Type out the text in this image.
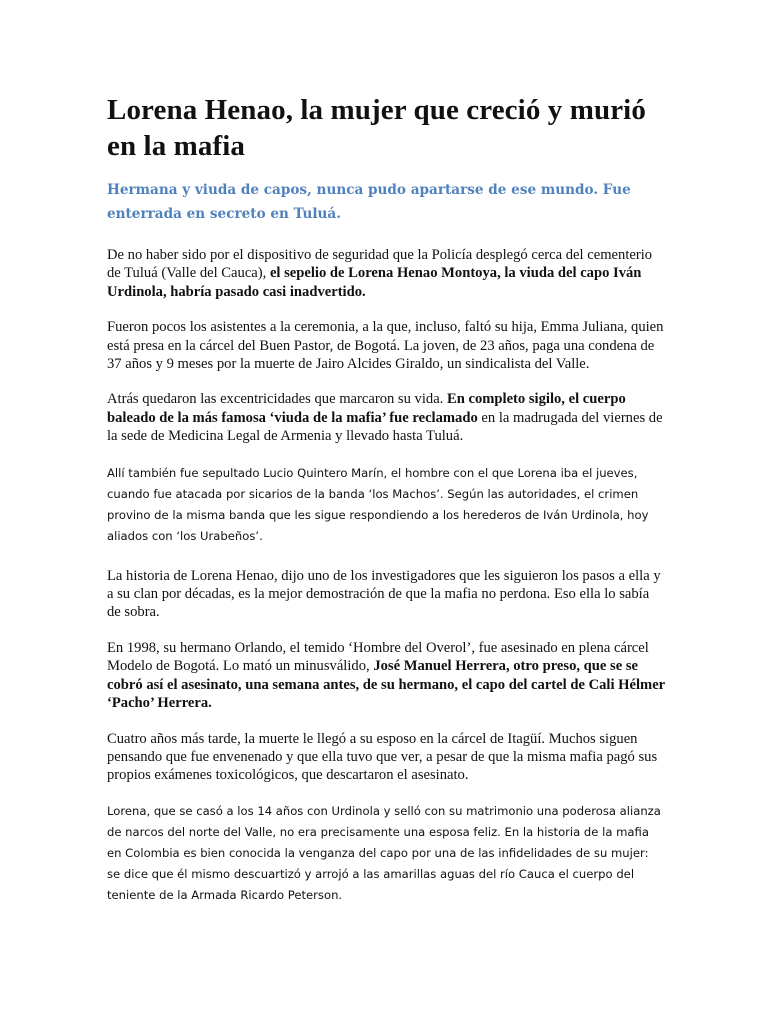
Lorena Henao, la mujer que creció y murió en la mafia
Hermana y viuda de capos, nunca pudo apartarse de ese mundo. Fue enterrada en secreto en Tuluá.

De no haber sido por el dispositivo de seguridad que la Policía desplegó cerca del cementerio de Tuluá (Valle del Cauca), el sepelio de Lorena Henao Montoya, la viuda del capo Iván Urdinola, habría pasado casi inadvertido.

Fueron pocos los asistentes a la ceremonia, a la que, incluso, faltó su hija, Emma Juliana, quien está presa en la cárcel del Buen Pastor, de Bogotá. La joven, de 23 años, paga una condena de 37 años y 9 meses por la muerte de Jairo Alcides Giraldo, un sindicalista del Valle.

Atrás quedaron las excentricidades que marcaron su vida. En completo sigilo, el cuerpo baleado de la más famosa ‘viuda de la mafia’ fue reclamado en la madrugada del viernes de la sede de Medicina Legal de Armenia y llevado hasta Tuluá.

Allí también fue sepultado Lucio Quintero Marín, el hombre con el que Lorena iba el jueves, cuando fue atacada por sicarios de la banda ‘los Machos’. Según las autoridades, el crimen provino de la misma banda que les sigue respondiendo a los herederos de Iván Urdinola, hoy aliados con ‘los Urabeños’.

La historia de Lorena Henao, dijo uno de los investigadores que les siguieron los pasos a ella y a su clan por décadas, es la mejor demostración de que la mafia no perdona. Eso ella lo sabía de sobra.

En 1998, su hermano Orlando, el temido ‘Hombre del Overol’, fue asesinado en plena cárcel Modelo de Bogotá. Lo mató un minusválido, José Manuel Herrera, otro preso, que se se cobró así el asesinato, una semana antes, de su hermano, el capo del cartel de Cali Hélmer ‘Pacho’ Herrera.

Cuatro años más tarde, la muerte le llegó a su esposo en la cárcel de Itagüí. Muchos siguen pensando que fue envenenado y que ella tuvo que ver, a pesar de que la misma mafia pagó sus propios exámenes toxicológicos, que descartaron el asesinato.

Lorena, que se casó a los 14 años con Urdinola y selló con su matrimonio una poderosa alianza de narcos del norte del Valle, no era precisamente una esposa feliz. En la historia de la mafia en Colombia es bien conocida la venganza del capo por una de las infidelidades de su mujer: se dice que él mismo descuartizó y arrojó a las amarillas aguas del río Cauca el cuerpo del teniente de la Armada Ricardo Peterson.
